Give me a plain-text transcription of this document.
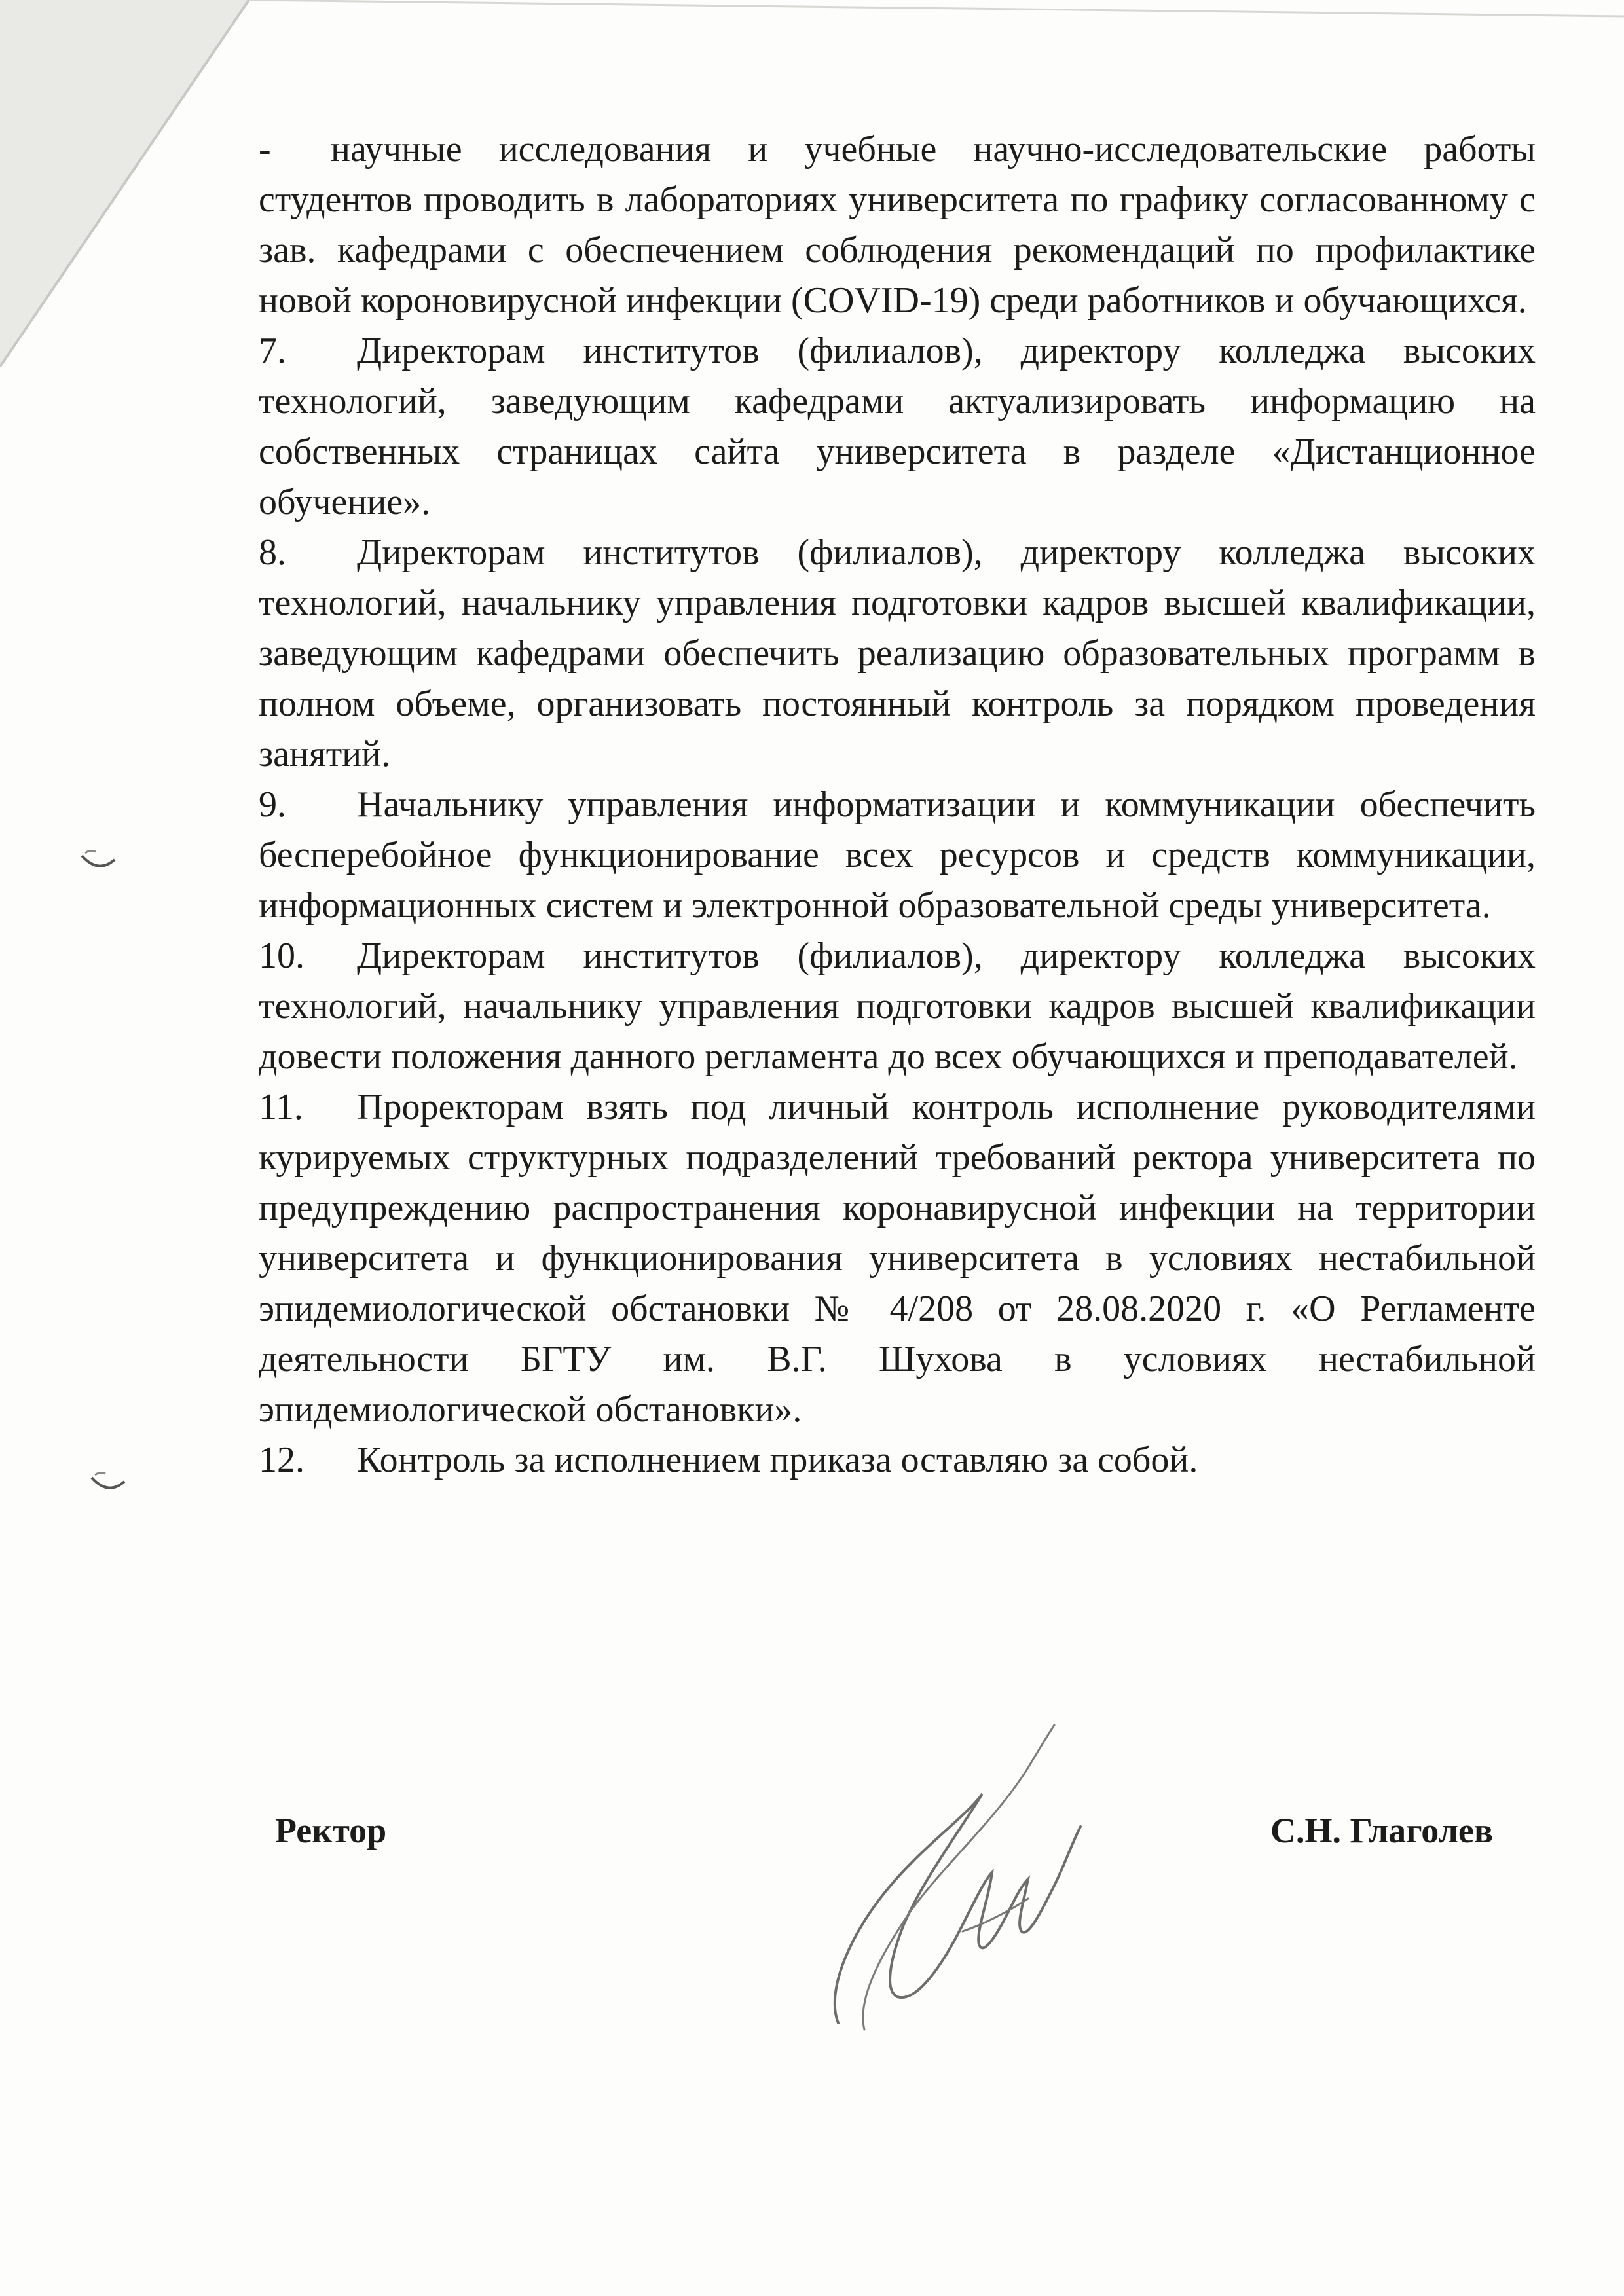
- научные исследования и учебные научно-исследовательские работы студентов проводить в лабораториях университета по графику согласованному с зав. кафедрами с обеспечением соблюдения рекомендаций по профилактике новой короновирусной инфекции (COVID-19) среди работников и обучающихся.

7. Директорам институтов (филиалов), директору колледжа высоких технологий, заведующим кафедрами актуализировать информацию на собственных страницах сайта университета в разделе «Дистанционное обучение».

8. Директорам институтов (филиалов), директору колледжа высоких технологий, начальнику управления подготовки кадров высшей квалификации, заведующим кафедрами обеспечить реализацию образовательных программ в полном объеме, организовать постоянный контроль за порядком проведения занятий.

9. Начальнику управления информатизации и коммуникации обеспечить бесперебойное функционирование всех ресурсов и средств коммуникации, информационных систем и электронной образовательной среды университета.

10. Директорам институтов (филиалов), директору колледжа высоких технологий, начальнику управления подготовки кадров высшей квалификации довести положения данного регламента до всех обучающихся и преподавателей.

11. Проректорам взять под личный контроль исполнение руководителями курируемых структурных подразделений требований ректора университета по предупреждению распространения коронавирусной инфекции на территории университета и функционирования университета в условиях нестабильной эпидемиологической обстановки № 4/208 от 28.08.2020 г. «О Регламенте деятельности БГТУ им. В.Г. Шухова в условиях нестабильной эпидемиологической обстановки».

12. Контроль за исполнением приказа оставляю за собой.

Ректор	С.Н. Глаголев
